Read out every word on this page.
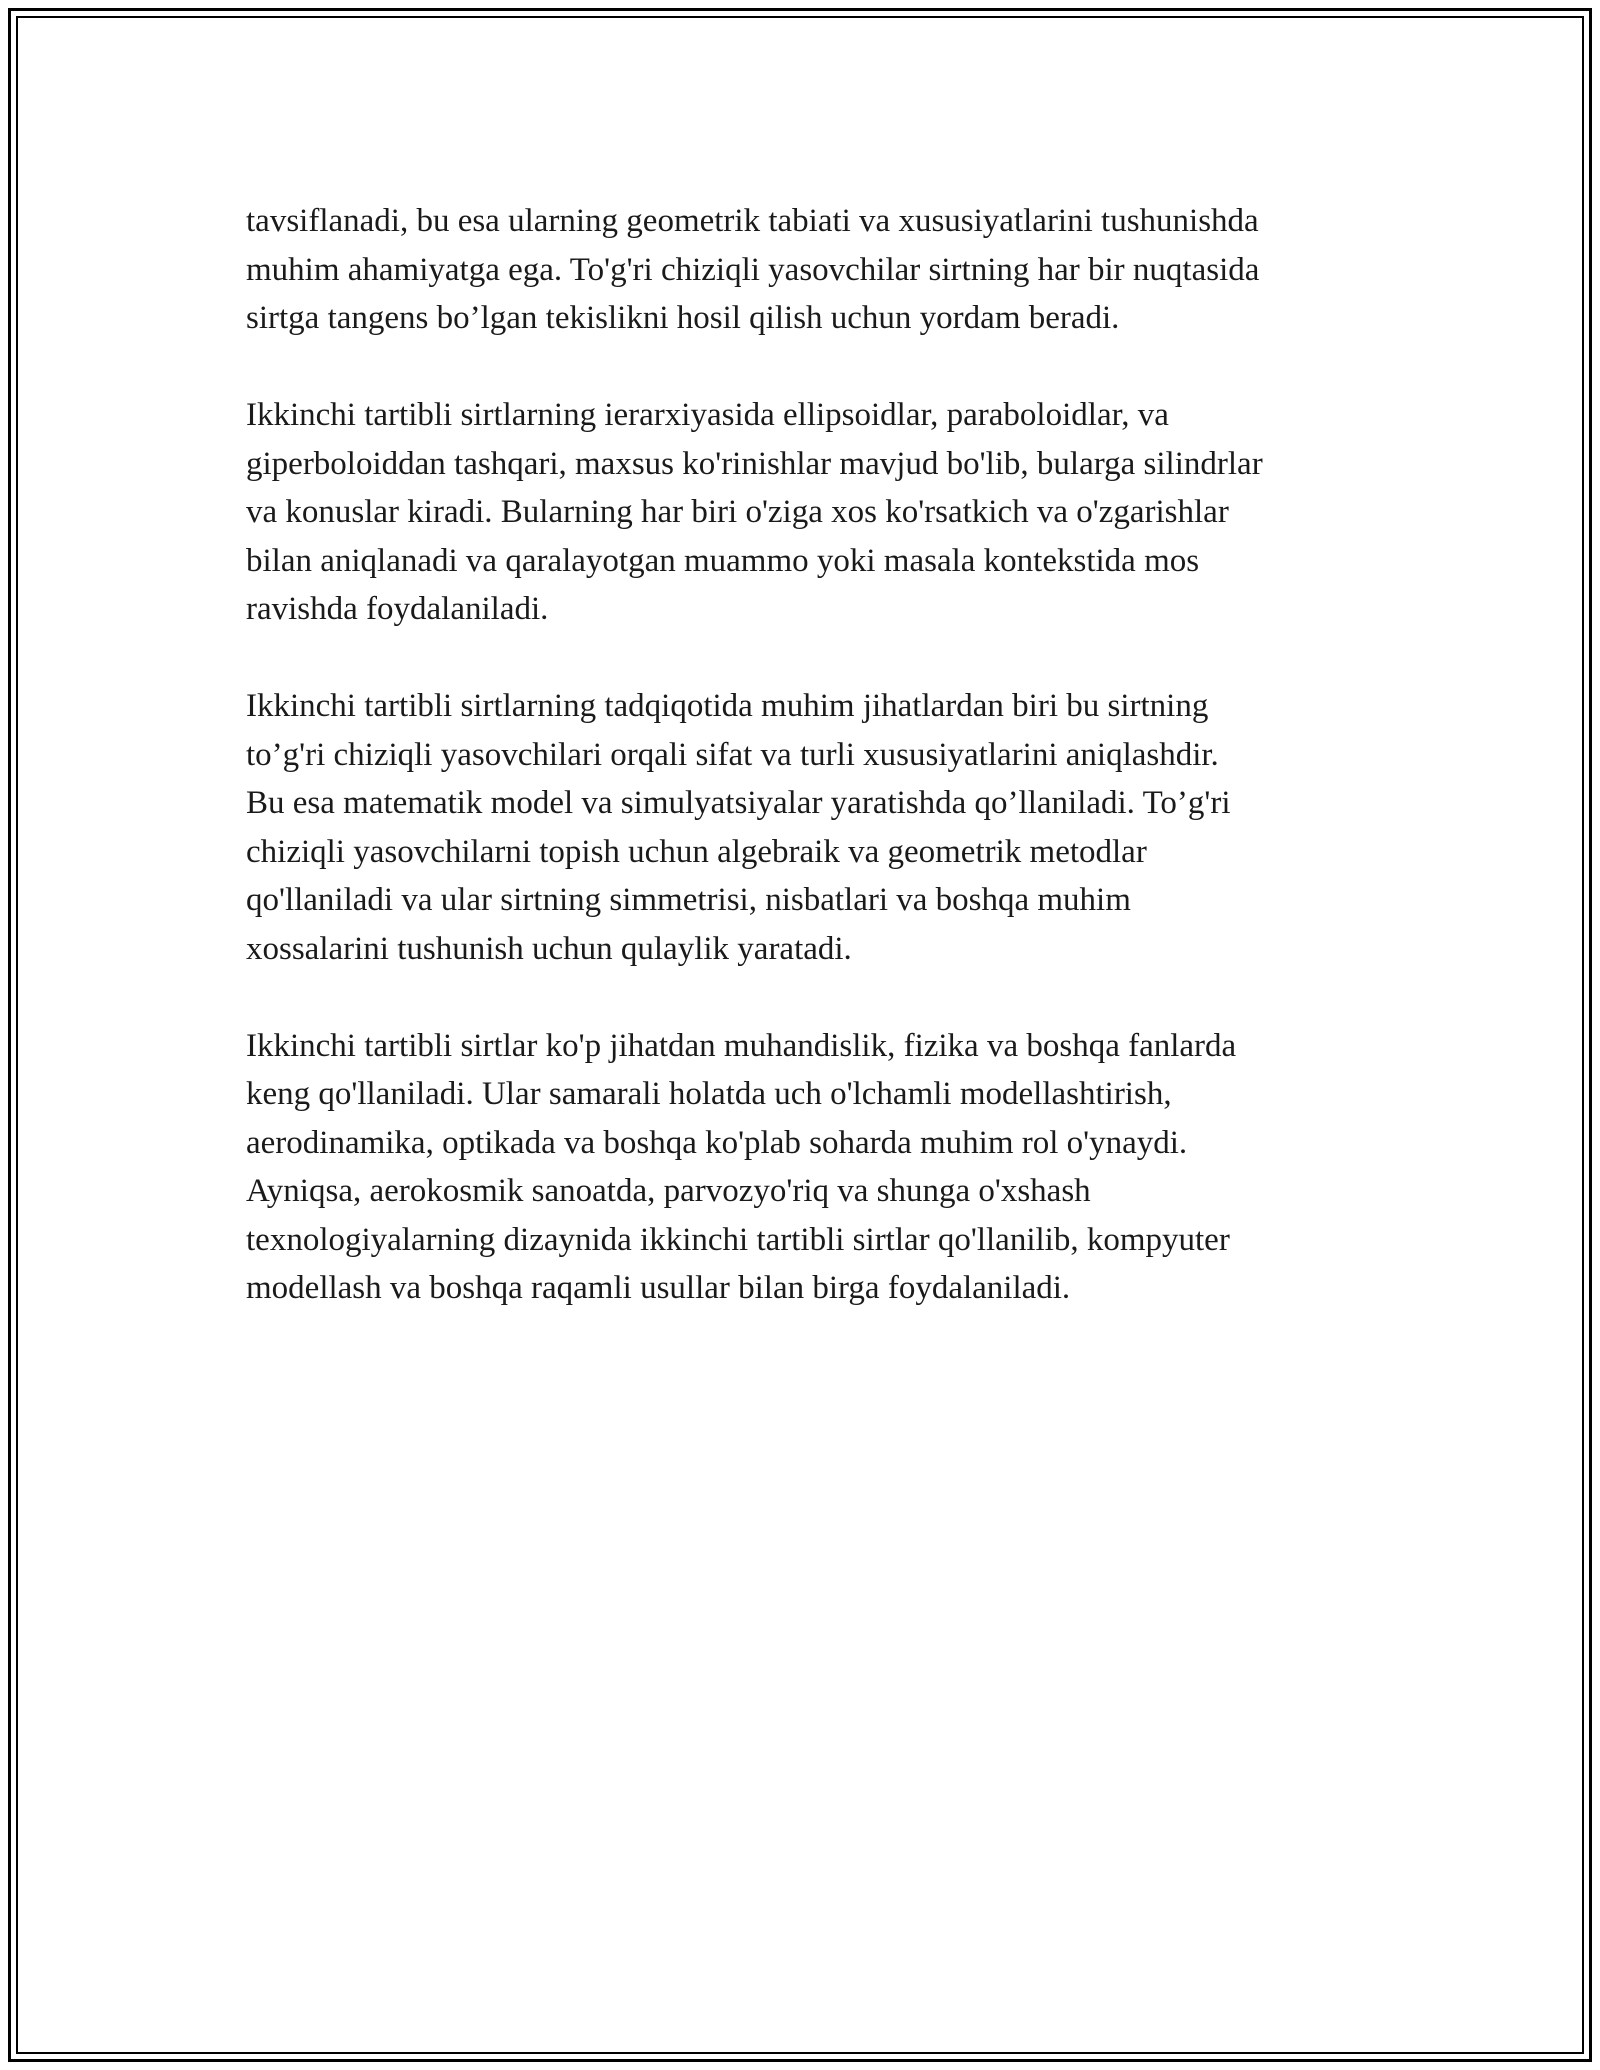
tavsiflanadi, bu esa ularning geometrik tabiati va xususiyatlarini tushunishda
muhim ahamiyatga ega. To'g'ri chiziqli yasovchilar sirtning har bir nuqtasida
sirtga tangens bo’lgan tekislikni hosil qilish uchun yordam beradi.

Ikkinchi tartibli sirtlarning ierarxiyasida ellipsoidlar, paraboloidlar, va
giperboloiddan tashqari, maxsus ko'rinishlar mavjud bo'lib, bularga silindrlar
va konuslar kiradi. Bularning har biri o'ziga xos ko'rsatkich va o'zgarishlar
bilan aniqlanadi va qaralayotgan muammo yoki masala kontekstida mos
ravishda foydalaniladi.

Ikkinchi tartibli sirtlarning tadqiqotida muhim jihatlardan biri bu sirtning
to’g'ri chiziqli yasovchilari orqali sifat va turli xususiyatlarini aniqlashdir.
Bu esa matematik model va simulyatsiyalar yaratishda qo’llaniladi. To’g'ri
chiziqli yasovchilarni topish uchun algebraik va geometrik metodlar
qo'llaniladi va ular sirtning simmetrisi, nisbatlari va boshqa muhim
xossalarini tushunish uchun qulaylik yaratadi.

Ikkinchi tartibli sirtlar ko'p jihatdan muhandislik, fizika va boshqa fanlarda
keng qo'llaniladi. Ular samarali holatda uch o'lchamli modellashtirish,
aerodinamika, optikada va boshqa ko'plab soharda muhim rol o'ynaydi.
Ayniqsa, aerokosmik sanoatda, parvozyo'riq va shunga o'xshash
texnologiyalarning dizaynida ikkinchi tartibli sirtlar qo'llanilib, kompyuter
modellash va boshqa raqamli usullar bilan birga foydalaniladi.
